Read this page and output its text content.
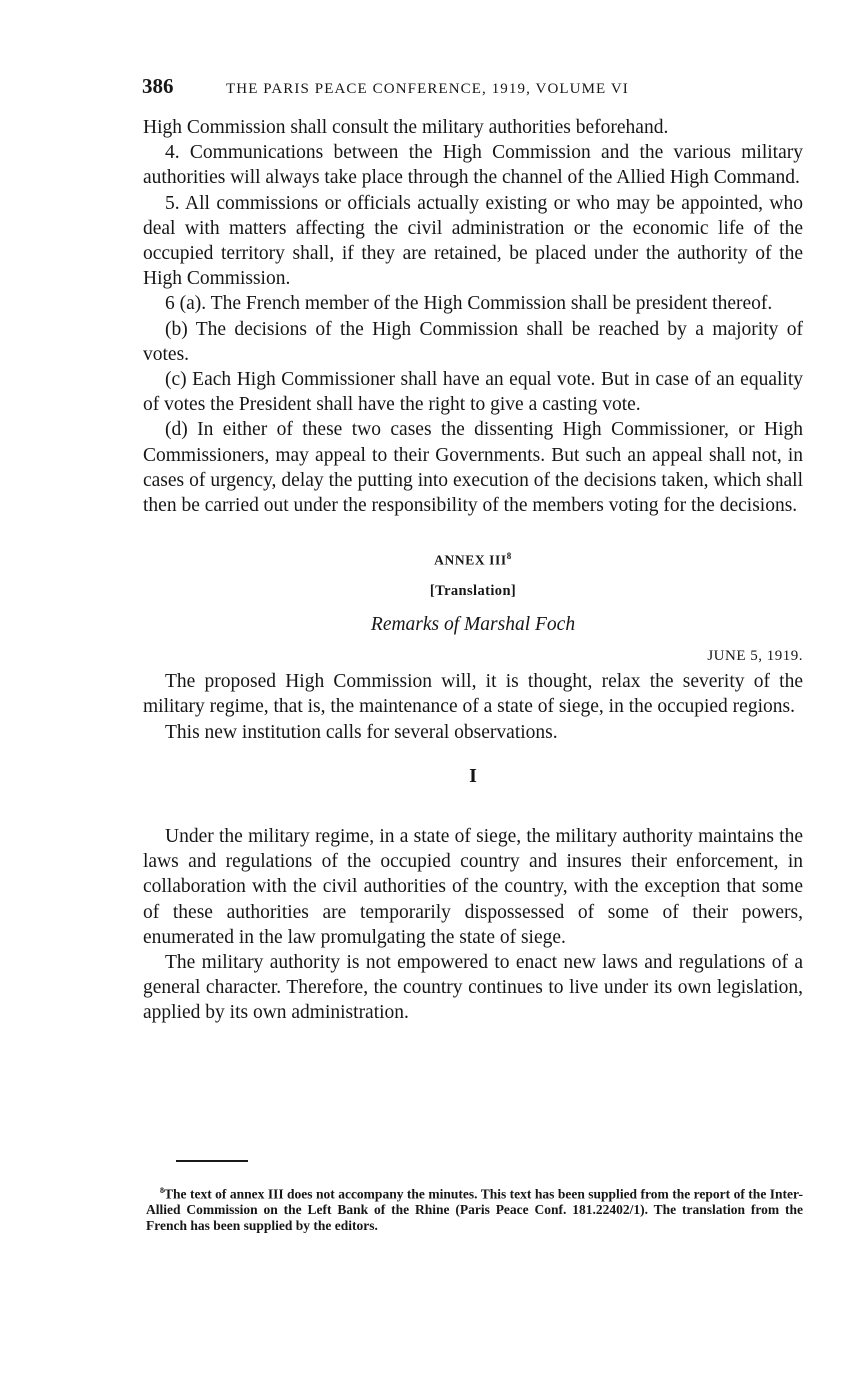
386	THE PARIS PEACE CONFERENCE, 1919, VOLUME VI

High Commission shall consult the military authorities beforehand.

4. Communications between the High Commission and the various military authorities will always take place through the channel of the Allied High Command.

5. All commissions or officials actually existing or who may be appointed, who deal with matters affecting the civil administration or the economic life of the occupied territory shall, if they are retained, be placed under the authority of the High Commission.

6 (a). The French member of the High Commission shall be president thereof.

(b) The decisions of the High Commission shall be reached by a majority of votes.

(c) Each High Commissioner shall have an equal vote. But in case of an equality of votes the President shall have the right to give a casting vote.

(d) In either of these two cases the dissenting High Commissioner, or High Commissioners, may appeal to their Governments. But such an appeal shall not, in cases of urgency, delay the putting into execution of the decisions taken, which shall then be carried out under the responsibility of the members voting for the decisions.

ANNEX III$^8$

[Translation]

Remarks of Marshal Foch

JUNE 5, 1919.

The proposed High Commission will, it is thought, relax the severity of the military regime, that is, the maintenance of a state of siege, in the occupied regions.

This new institution calls for several observations.

I

Under the military regime, in a state of siege, the military authority maintains the laws and regulations of the occupied country and insures their enforcement, in collaboration with the civil authorities of the country, with the exception that some of these authorities are temporarily dispossessed of some of their powers, enumerated in the law promulgating the state of siege.

The military authority is not empowered to enact new laws and regulations of a general character. Therefore, the country continues to live under its own legislation, applied by its own administration.

$^8$The text of annex III does not accompany the minutes. This text has been supplied from the report of the Inter-Allied Commission on the Left Bank of the Rhine (Paris Peace Conf. 181.22402/1). The translation from the French has been supplied by the editors.
